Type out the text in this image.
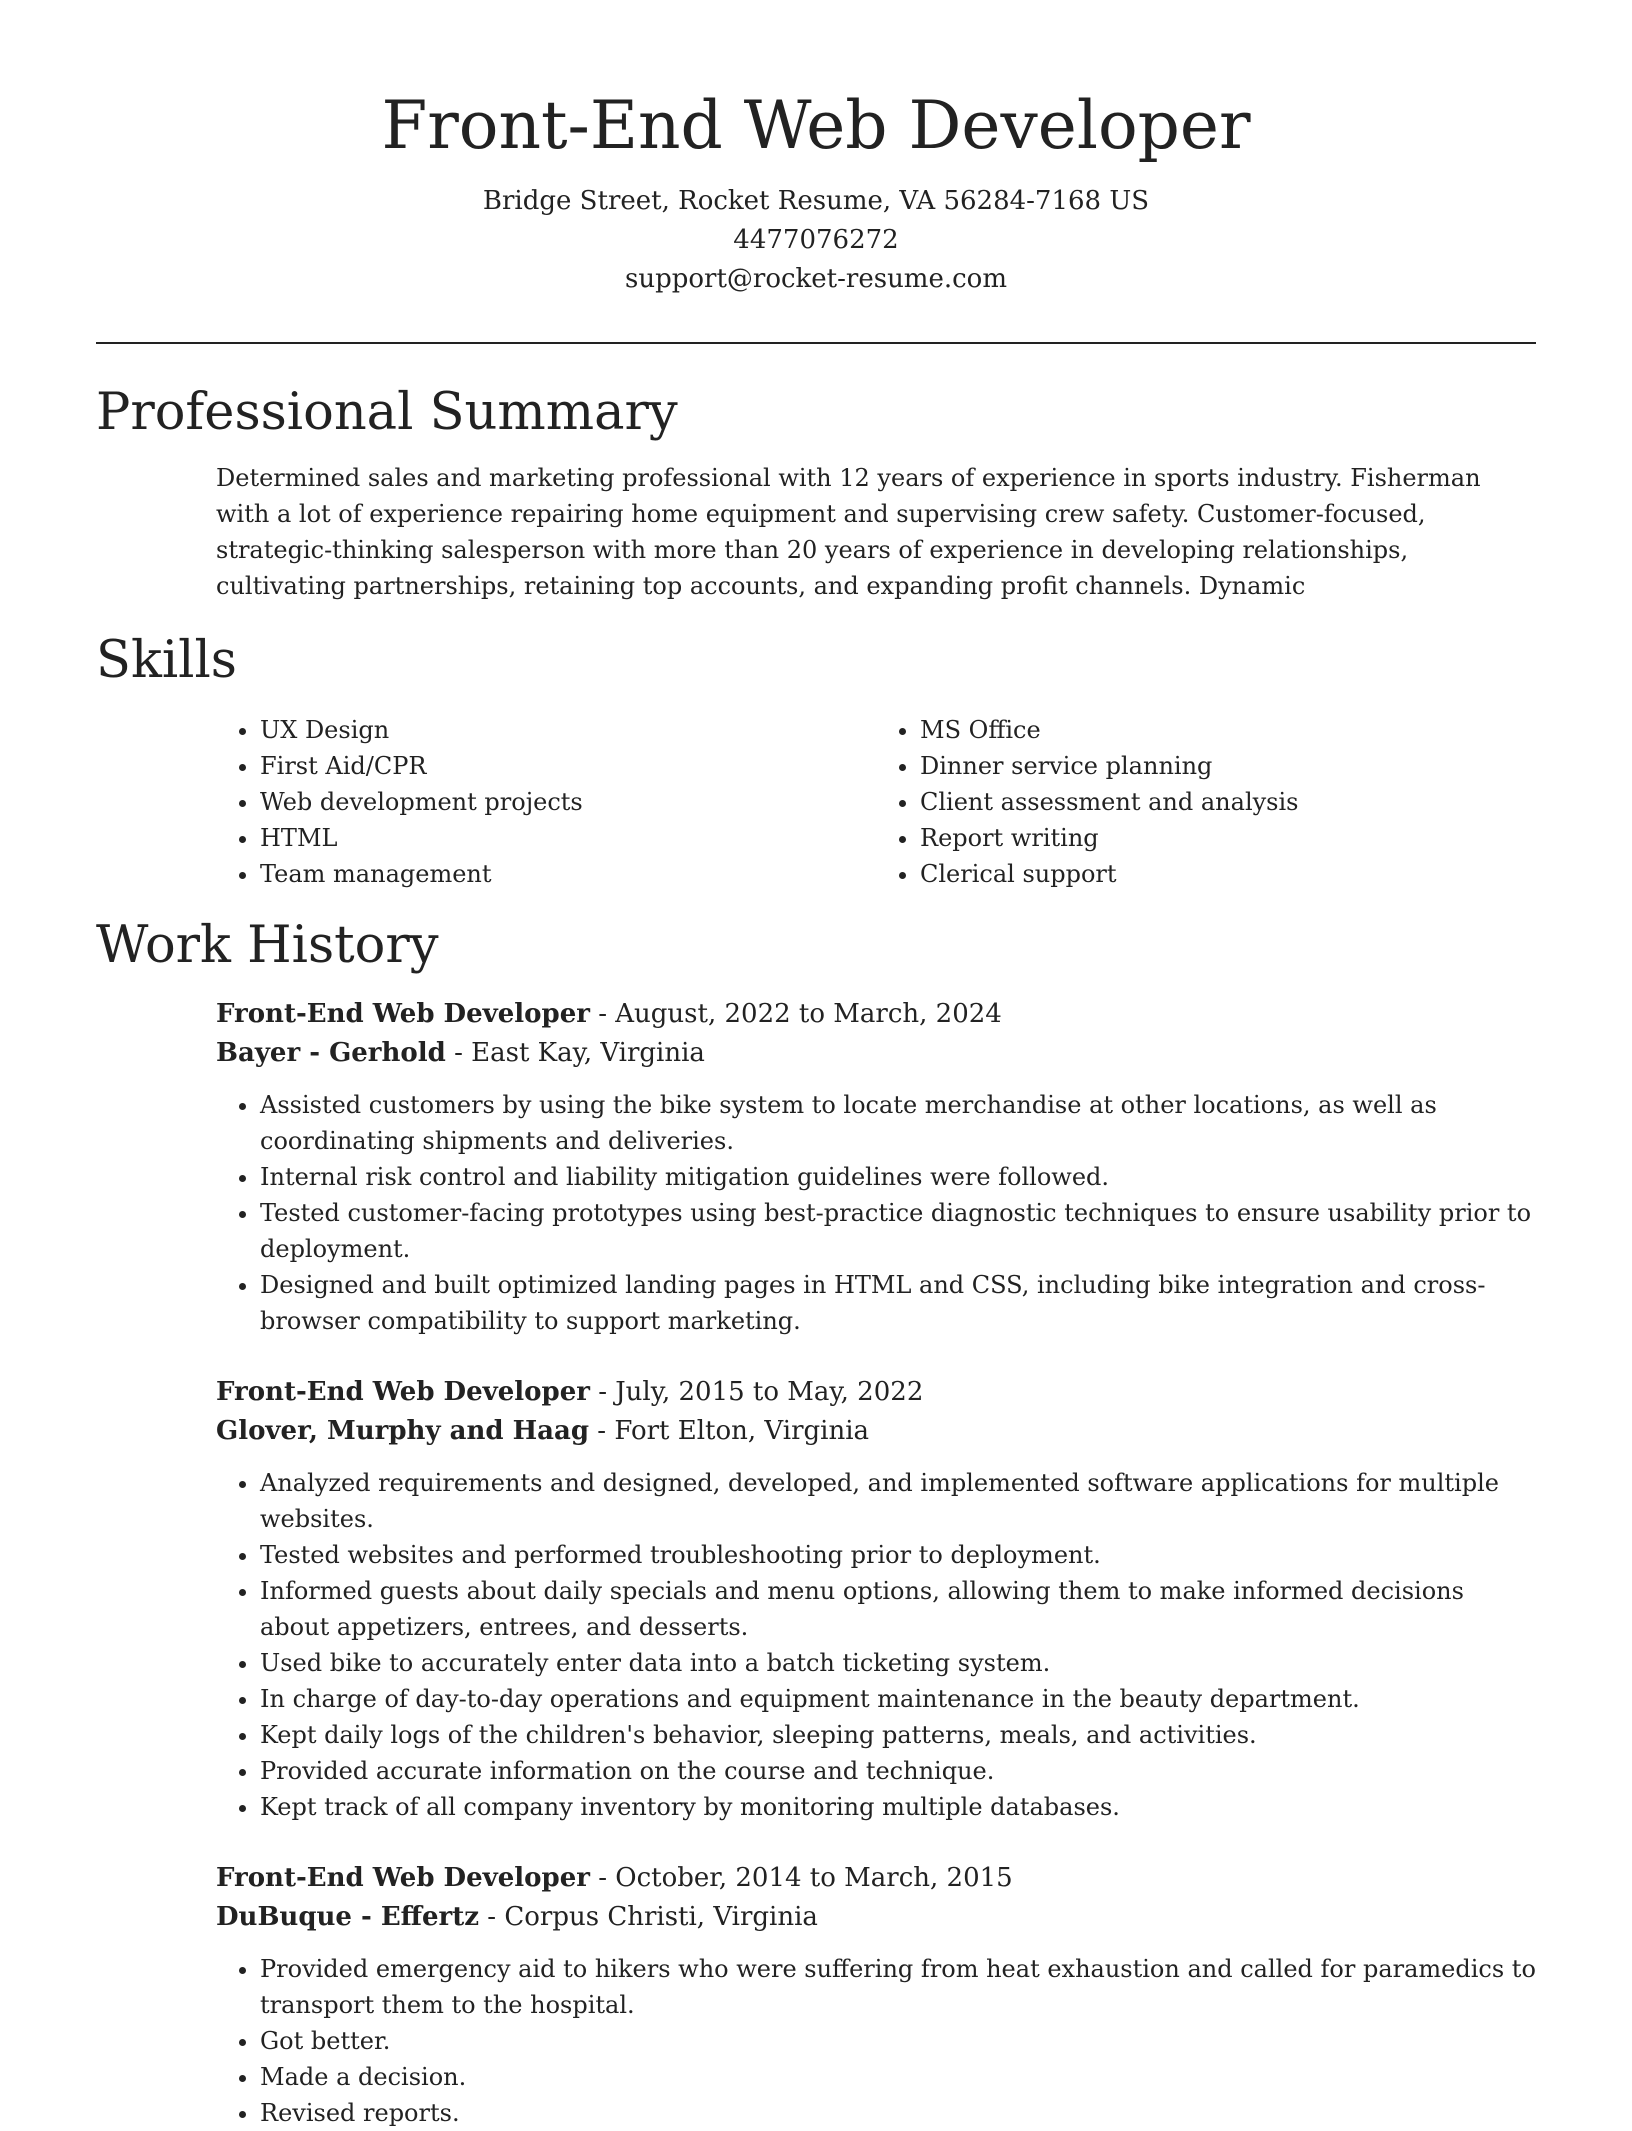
Front-End Web Developer
Bridge Street, Rocket Resume, VA 56284-7168 US
4477076272
support@rocket-resume.com
Professional Summary
Determined sales and marketing professional with 12 years of experience in sports industry. Fisherman with a lot of experience repairing home equipment and supervising crew safety. Customer-focused, strategic-thinking salesperson with more than 20 years of experience in developing relationships, cultivating partnerships, retaining top accounts, and expanding profit channels. Dynamic
Skills
• UX Design
• First Aid/CPR
• Web development projects
• HTML
• Team management
• MS Office
• Dinner service planning
• Client assessment and analysis
• Report writing
• Clerical support
Work History
Front-End Web Developer - August, 2022 to March, 2024
Bayer - Gerhold - East Kay, Virginia
• Assisted customers by using the bike system to locate merchandise at other locations, as well as coordinating shipments and deliveries.
• Internal risk control and liability mitigation guidelines were followed.
• Tested customer-facing prototypes using best-practice diagnostic techniques to ensure usability prior to deployment.
• Designed and built optimized landing pages in HTML and CSS, including bike integration and cross-browser compatibility to support marketing.
Front-End Web Developer - July, 2015 to May, 2022
Glover, Murphy and Haag - Fort Elton, Virginia
• Analyzed requirements and designed, developed, and implemented software applications for multiple websites.
• Tested websites and performed troubleshooting prior to deployment.
• Informed guests about daily specials and menu options, allowing them to make informed decisions about appetizers, entrees, and desserts.
• Used bike to accurately enter data into a batch ticketing system.
• In charge of day-to-day operations and equipment maintenance in the beauty department.
• Kept daily logs of the children's behavior, sleeping patterns, meals, and activities.
• Provided accurate information on the course and technique.
• Kept track of all company inventory by monitoring multiple databases.
Front-End Web Developer - October, 2014 to March, 2015
DuBuque - Effertz - Corpus Christi, Virginia
• Provided emergency aid to hikers who were suffering from heat exhaustion and called for paramedics to transport them to the hospital.
• Got better.
• Made a decision.
• Revised reports.
